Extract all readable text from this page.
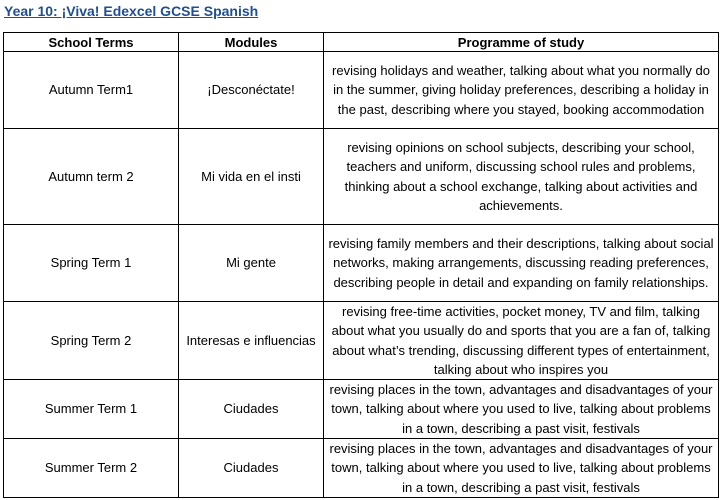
Year 10: ¡Viva! Edexcel GCSE Spanish
School Terms	Modules	Programme of study
Autumn Term1	¡Desconéctate!	revising holidays and weather, talking about what you normally do in the summer, giving holiday preferences, describing a holiday in the past, describing where you stayed, booking accommodation
Autumn term 2	Mi vida en el insti	revising opinions on school subjects, describing your school, teachers and uniform, discussing school rules and problems, thinking about a school exchange, talking about activities and achievements.
Spring Term 1	Mi gente	revising family members and their descriptions, talking about social networks, making arrangements, discussing reading preferences, describing people in detail and expanding on family relationships.
Spring Term 2	Interesas e influencias	revising free-time activities, pocket money, TV and film, talking about what you usually do and sports that you are a fan of, talking about what’s trending, discussing different types of entertainment, talking about who inspires you
Summer Term 1	Ciudades	revising places in the town, advantages and disadvantages of your town, talking about where you used to live, talking about problems in a town, describing a past visit, festivals
Summer Term 2	Ciudades	revising places in the town, advantages and disadvantages of your town, talking about where you used to live, talking about problems in a town, describing a past visit, festivals
